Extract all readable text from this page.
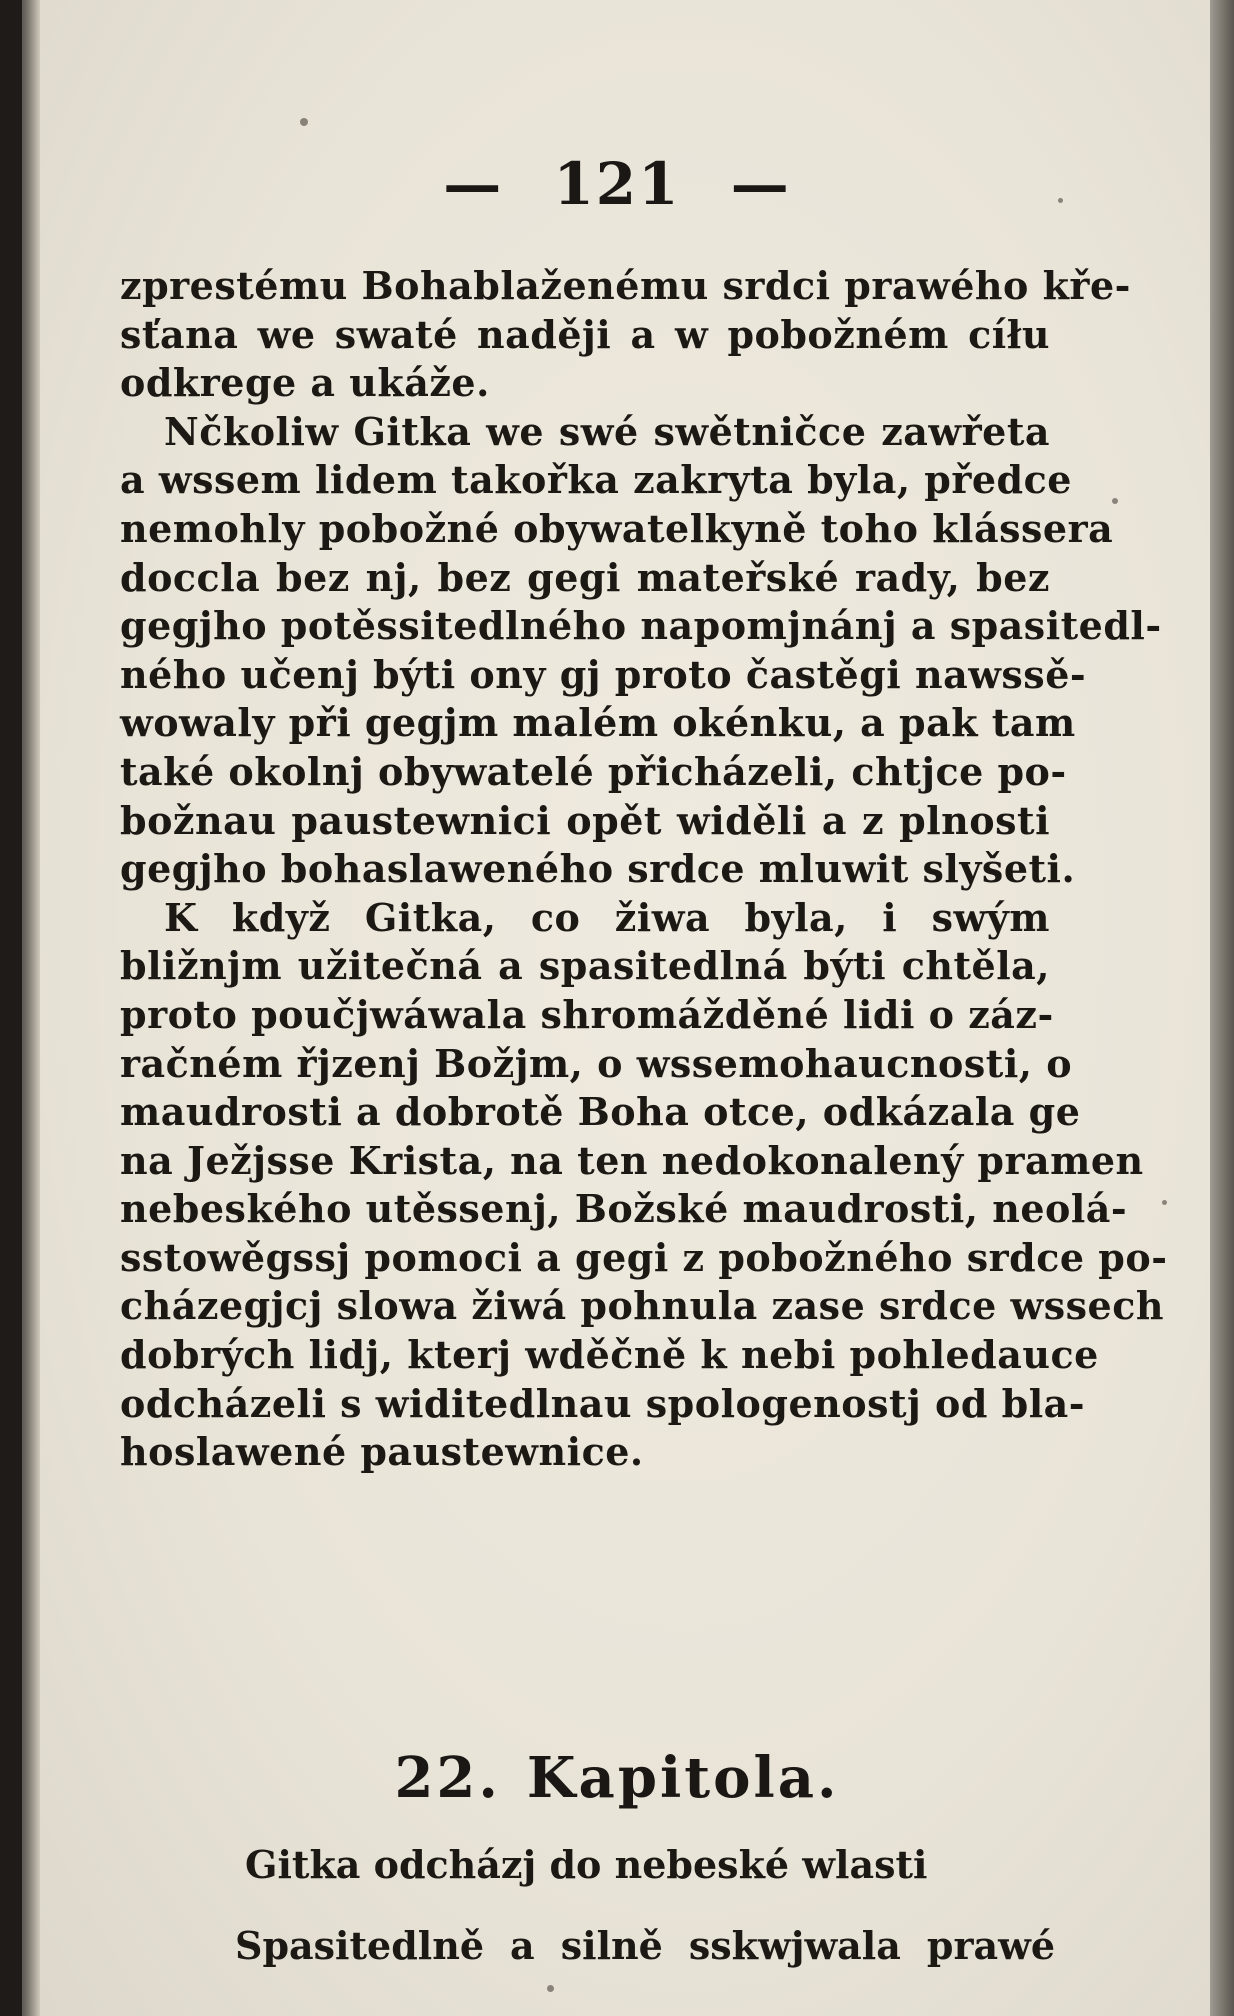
— 121 —
zprestému Bohablaženému srdci prawého kře-
sťana we swaté naději a w pobožném cíłu
odkrege a ukáže.
Nčkoliw Gitka we swé swětničce zawřeta
a wssem lidem takořka zakryta byla, předce
nemohly pobožné obywatelkyně toho klássera
doccla bez nj, bez gegi mateřské rady, bez
gegjho potěssitedlného napomjnánj a spasitedl-
ného učenj býti ony gj proto častěgi nawssě-
wowaly při gegjm malém okénku, a pak tam
také okolnj obywatelé přicházeli, chtjce po-
božnau paustewnici opět widěli a z plnosti
gegjho bohaslaweného srdce mluwit slyšeti.
K když Gitka, co žiwa byla, i swým
bližnjm užitečná a spasitedlná býti chtěla,
proto poučjwáwala shromážděné lidi o záz-
račném řjzenj Božjm, o wssemohaucnosti, o
maudrosti a dobrotě Boha otce, odkázala ge
na Ježjsse Krista, na ten nedokonalený pramen
nebeského utěssenj, Božské maudrosti, neolá-
sstowěgssj pomoci a gegi z pobožného srdce po-
cházegjcj slowa žiwá pohnula zase srdce wssech
dobrých lidj, kterj wděčně k nebi pohledauce
odcházeli s widitedlnau spologenostj od bla-
hoslawené paustewnice.
22. Kapitola.
Gitka odcházj do nebeské wlasti
Spasitedlně a silně sskwjwala prawé
